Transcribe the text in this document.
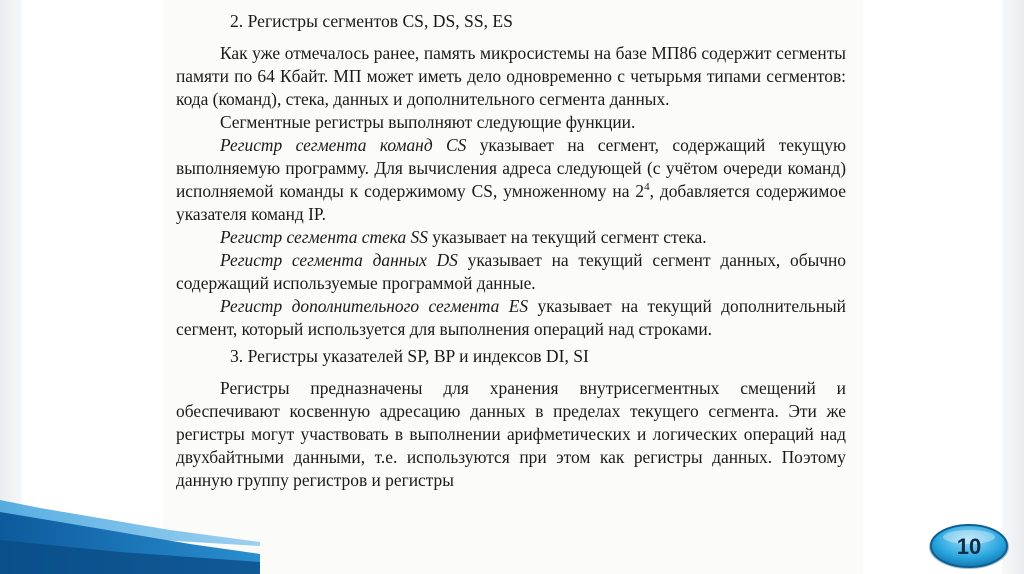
2. Регистры сегментов CS, DS, SS, ES

Как уже отмечалось ранее, память микросистемы на базе МП86 содержит сегменты памяти по 64 Кбайт. МП может иметь дело одновременно с четырьмя типами сегментов: кода (команд), стека, данных и дополнительного сегмента данных.

Сегментные регистры выполняют следующие функции.

Регистр сегмента команд CS указывает на сегмент, содержащий текущую выполняемую программу. Для вычисления адреса следующей (с учётом очереди команд) исполняемой команды к содержимому CS, умноженному на $2^4$, добавляется содержимое указателя команд IP.

Регистр сегмента стека SS указывает на текущий сегмент стека.

Регистр сегмента данных DS указывает на текущий сегмент данных, обычно содержащий используемые программой данные.

Регистр дополнительного сегмента ES указывает на текущий дополнительный сегмент, который используется для выполнения операций над строками.

3. Регистры указателей SP, BP и индексов DI, SI

Регистры предназначены для хранения внутрисегментных смещений и обеспечивают косвенную адресацию данных в пределах текущего сегмента. Эти же регистры могут участвовать в выполнении арифметических и логических операций над двухбайтными данными, т.е. используются при этом как регистры данных. Поэтому данную группу регистров и регистры

10
